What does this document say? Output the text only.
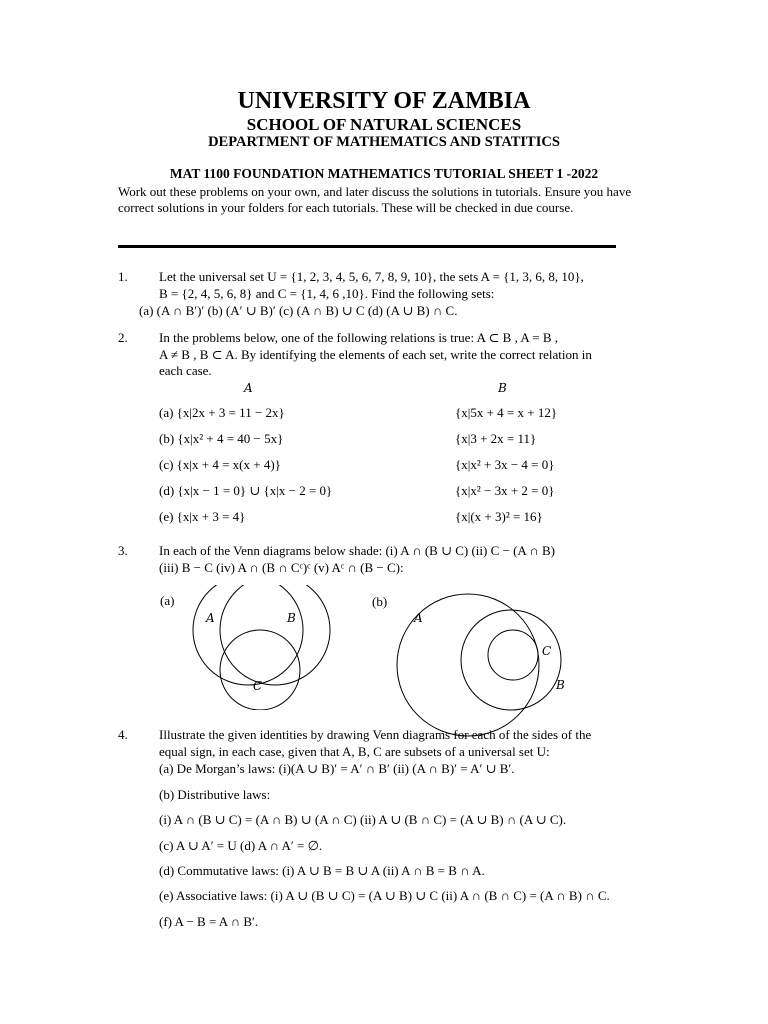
UNIVERSITY OF ZAMBIA
SCHOOL OF NATURAL SCIENCES
DEPARTMENT OF MATHEMATICS AND STATITICS
MAT 1100 FOUNDATION MATHEMATICS TUTORIAL SHEET 1 -2022
Work out these problems on your own, and later discuss the solutions in tutorials. Ensure you have correct solutions in your folders for each tutorials. These will be checked in due course.
1. Let the universal set U = {1, 2, 3, 4, 5, 6, 7, 8, 9, 10}, the sets A = {1, 3, 6, 8, 10},
B = {2, 4, 5, 6, 8} and C = {1, 4, 6 ,10}. Find the following sets:
(a) (A ∩ B′)′ (b) (A′ ∪ B)′ (c) (A ∩ B) ∪ C (d) (A ∪ B) ∩ C.
2. In the problems below, one of the following relations is true: A ⊂ B , A = B ,
A ≠ B , B ⊂ A. By identifying the elements of each set, write the correct relation in
each case.
A	B
(a) {x|2x + 3 = 11 − 2x}	{x|5x + 4 = x + 12}
(b) {x|x² + 4 = 40 − 5x}	{x|3 + 2x = 11}
(c) {x|x + 4 = x(x + 4)}	{x|x² + 3x − 4 = 0}
(d) {x|x − 1 = 0} ∪ {x|x − 2 = 0}	{x|x² − 3x + 2 = 0}
(e) {x|x + 3 = 4}	{x|(x + 3)² = 16}
3. In each of the Venn diagrams below shade: (i) A ∩ (B ∪ C) (ii) C − (A ∩ B)
(iii) B − C (iv) A ∩ (B ∩ Cᶜ)ᶜ (v) Aᶜ ∩ (B − C):
(a)
A	B
C
(b)
A
C
B
4. Illustrate the given identities by drawing Venn diagrams for each of the sides of the
equal sign, in each case, given that A, B, C are subsets of a universal set U:
(a) De Morgan’s laws: (i)(A ∪ B)′ = A′ ∩ B′ (ii) (A ∩ B)′ = A′ ∪ B′.
(b) Distributive laws:
(i) A ∩ (B ∪ C) = (A ∩ B) ∪ (A ∩ C) (ii) A ∪ (B ∩ C) = (A ∪ B) ∩ (A ∪ C).
(c) A ∪ A′ = U (d) A ∩ A′ = ∅.
(d) Commutative laws: (i) A ∪ B = B ∪ A (ii) A ∩ B = B ∩ A.
(e) Associative laws: (i) A ∪ (B ∪ C) = (A ∪ B) ∪ C (ii) A ∩ (B ∩ C) = (A ∩ B) ∩ C.
(f) A − B = A ∩ B′.
